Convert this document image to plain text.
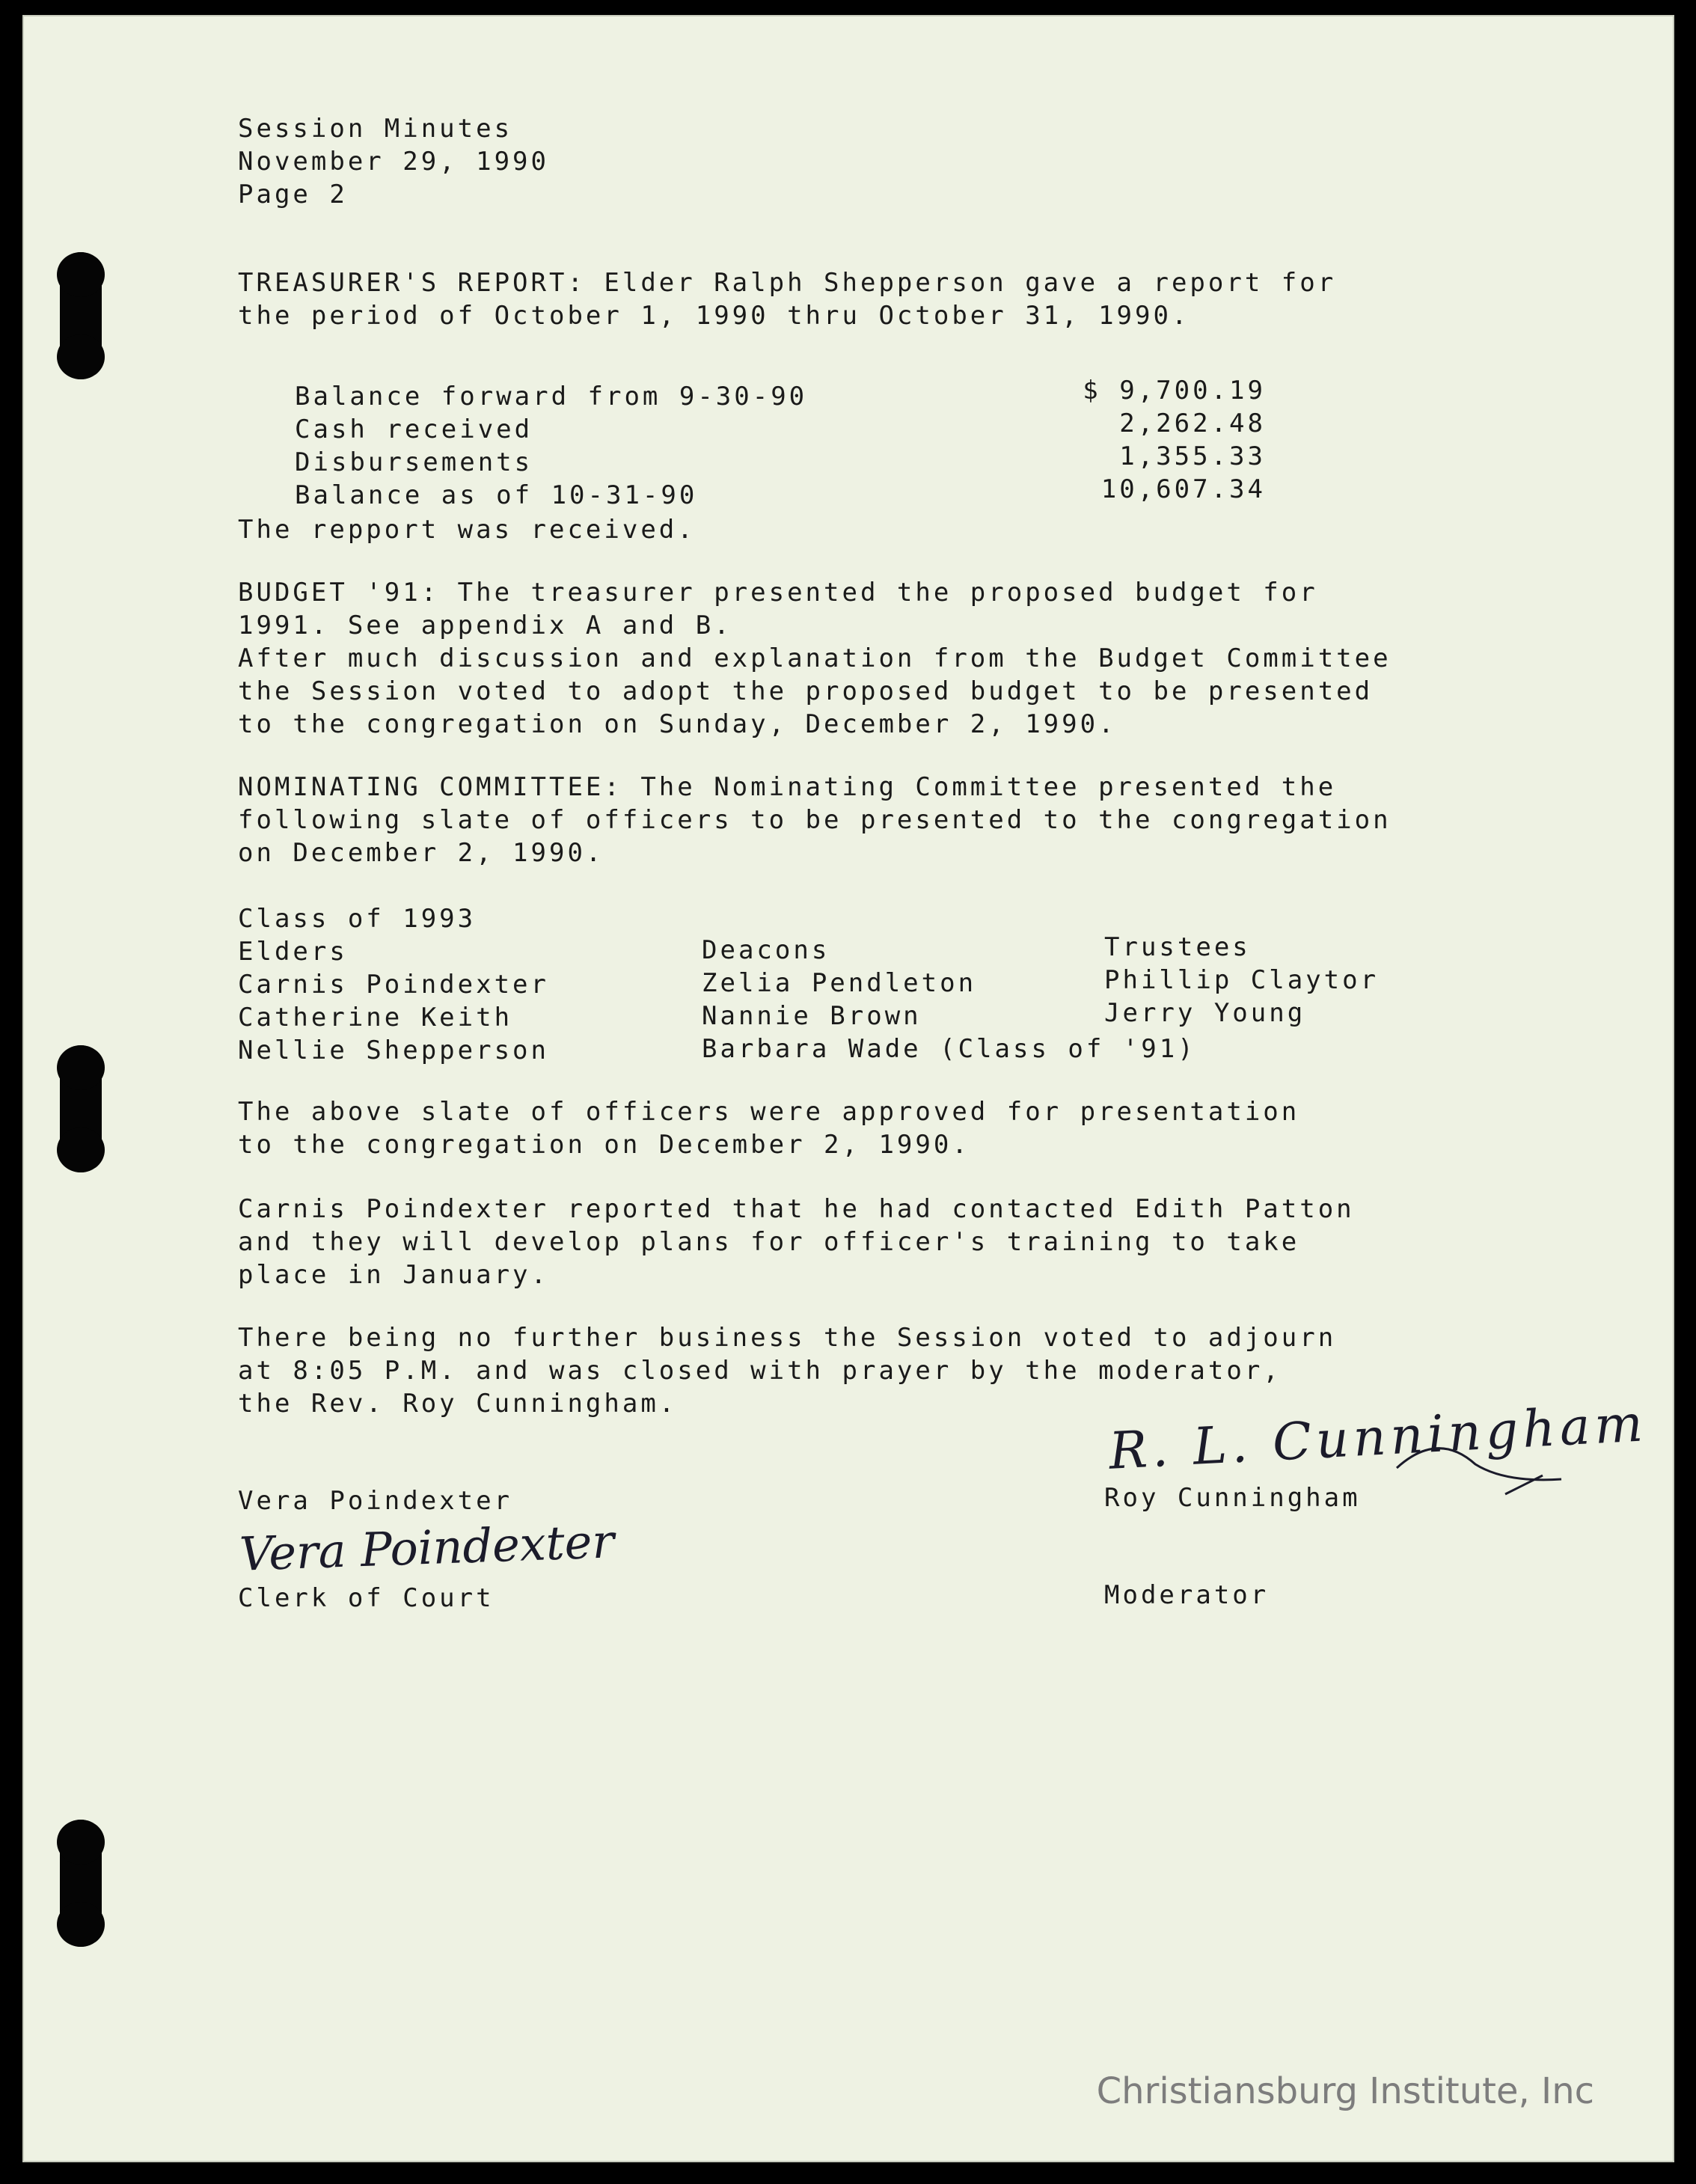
Session Minutes
November 29, 1990
Page 2
TREASURER'S REPORT: Elder Ralph Shepperson gave a report for
the period of October 1, 1990 thru October 31, 1990.
Balance forward from 9-30-90
Cash received
Disbursements
Balance as of 10-31-90
$ 9,700.19
2,262.48
1,355.33
10,607.34
The repport was received.
BUDGET '91: The treasurer presented the proposed budget for
1991. See appendix A and B.
After much discussion and explanation from the Budget Committee
the Session voted to adopt the proposed budget to be presented
to the congregation on Sunday, December 2, 1990.
NOMINATING COMMITTEE: The Nominating Committee presented the
following slate of officers to be presented to the congregation
on December 2, 1990.
Class of 1993
Elders
Carnis Poindexter
Catherine Keith
Nellie Shepperson
Deacons
Zelia Pendleton
Nannie Brown
Barbara Wade (Class of '91)
Trustees
Phillip Claytor
Jerry Young
The above slate of officers were approved for presentation
to the congregation on December 2, 1990.
Carnis Poindexter reported that he had contacted Edith Patton
and they will develop plans for officer's training to take
place in January.
There being no further business the Session voted to adjourn
at 8:05 P.M. and was closed with prayer by the moderator,
the Rev. Roy Cunningham.	R. L. Cunningham
Roy Cunningham
Vera Poindexter
Vera Poindexter
Clerk of Court	Moderator
Christiansburg Institute, Inc
